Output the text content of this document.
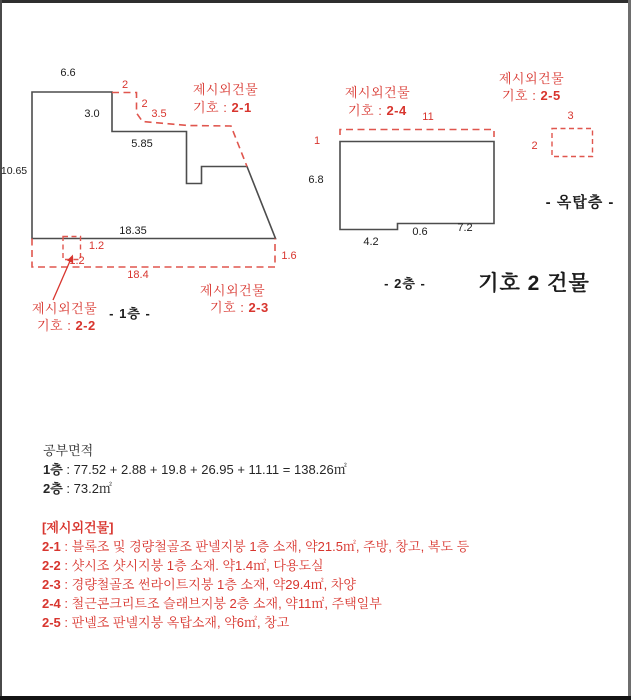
6.6
3.0
5.85
10.65
18.35
2
2
3.5
1.2
1.2
18.4
1.6
6.8
4.2
0.6	7.2
1
11
2
3
제시외건물
기호 : 2-1
제시외건물
기호 : 2-2
제시외건물
기호 : 2-3
제시외건물
기호 : 2-4
제시외건물
기호 : 2-5
- 1층 -
- 2층 -
- 옥탑층 -
기호 2 건물
공부면적
1층 : 77.52 + 2.88 + 19.8 + 26.95 + 11.11 = 138.26㎡
2층 : 73.2㎡
[제시외건물]
2-1 : 블록조 및 경량철골조 판넬지붕 1층 소재, 약21.5㎡, 주방, 창고, 복도 등
2-2 : 샷시조 샷시지붕 1층 소재. 약1.4㎡, 다용도실
2-3 : 경량철골조 썬라이트지붕 1층 소재, 약29.4㎡, 차양
2-4 : 철근콘크리트조 슬래브지붕 2층 소재, 약11㎡, 주택일부
2-5 : 판넬조 판넬지붕 옥탑소재, 약6㎡, 창고
